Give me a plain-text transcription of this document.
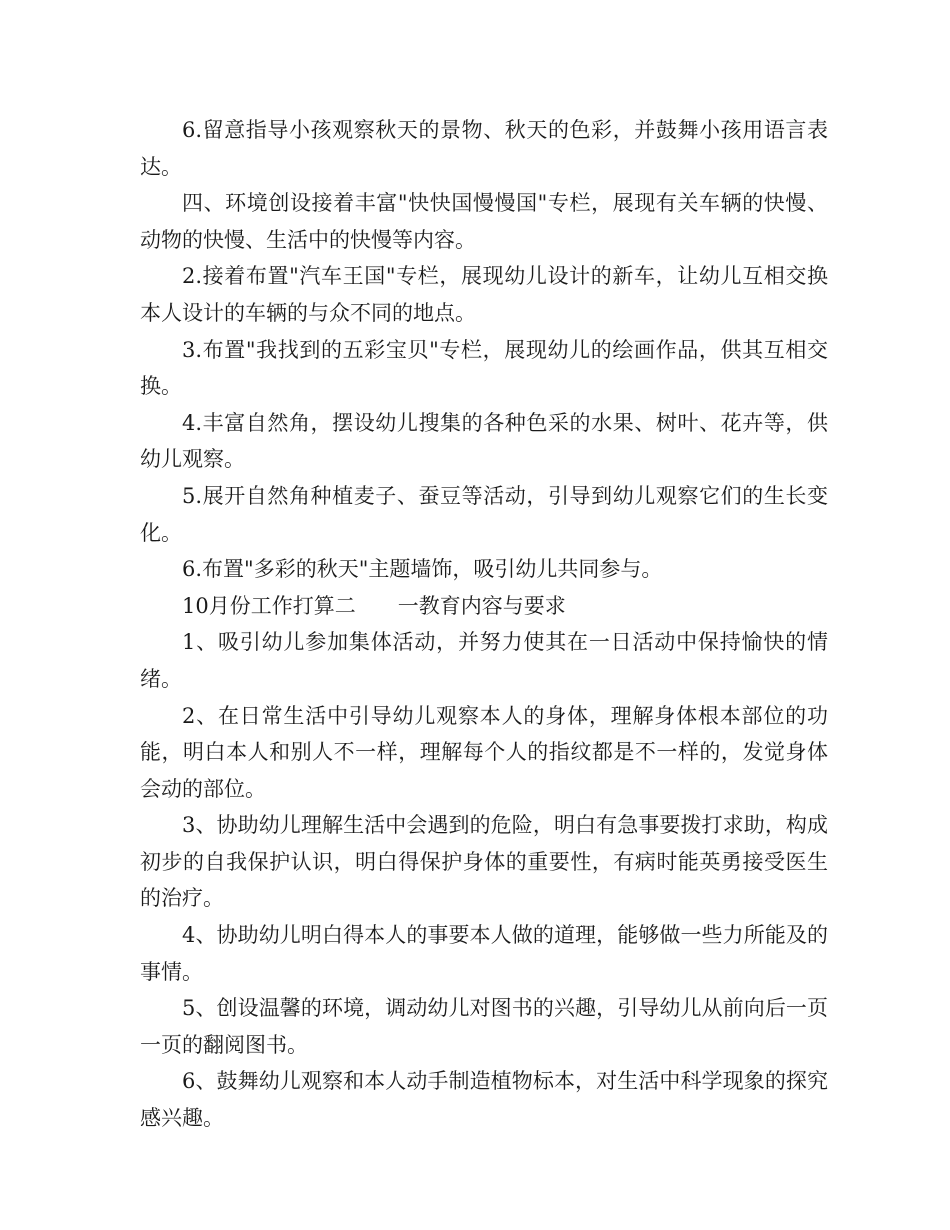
6.留意指导小孩观察秋天的景物、秋天的色彩，并鼓舞小孩用语言表达。

四、环境创设接着丰富"快快国慢慢国"专栏，展现有关车辆的快慢、动物的快慢、生活中的快慢等内容。

2.接着布置"汽车王国"专栏，展现幼儿设计的新车，让幼儿互相交换本人设计的车辆的与众不同的地点。

3.布置"我找到的五彩宝贝"专栏，展现幼儿的绘画作品，供其互相交换。

4.丰富自然角，摆设幼儿搜集的各种色采的水果、树叶、花卉等，供幼儿观察。

5.展开自然角种植麦子、蚕豆等活动，引导到幼儿观察它们的生长变化。

6.布置"多彩的秋天"主题墙饰，吸引幼儿共同参与。

10月份工作打算二　　一教育内容与要求

1、吸引幼儿参加集体活动，并努力使其在一日活动中保持愉快的情绪。

2、在日常生活中引导幼儿观察本人的身体，理解身体根本部位的功能，明白本人和别人不一样，理解每个人的指纹都是不一样的，发觉身体会动的部位。

3、协助幼儿理解生活中会遇到的危险，明白有急事要拨打求助，构成初步的自我保护认识，明白得保护身体的重要性，有病时能英勇接受医生的治疗。

4、协助幼儿明白得本人的事要本人做的道理，能够做一些力所能及的事情。

5、创设温馨的环境，调动幼儿对图书的兴趣，引导幼儿从前向后一页一页的翻阅图书。

6、鼓舞幼儿观察和本人动手制造植物标本，对生活中科学现象的探究感兴趣。
